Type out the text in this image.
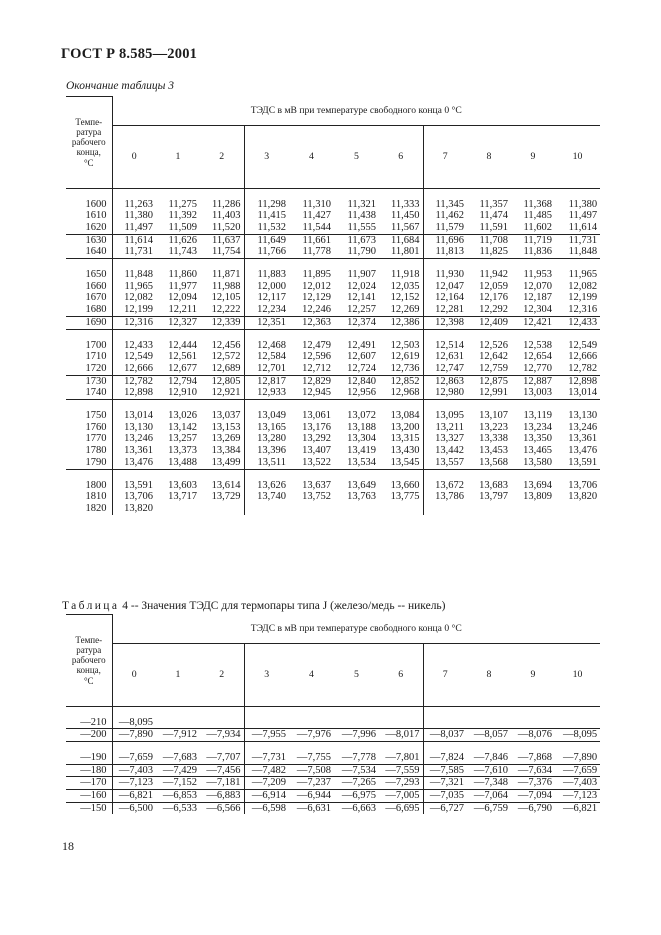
ГОСТ Р 8.585—2001
Окончание таблицы 3
Темпе-
ратура
рабочего
конца,
°С	ТЭДС в мВ при температуре свободного конца 0 °С											
	0	1	2	3	4	5	6	7	8	9	10	

1600	11,263	11,275	11,286	11,298	11,310	11,321	11,333	11,345	11,357	11,368	11,380	
1610	11,380	11,392	11,403	11,415	11,427	11,438	11,450	11,462	11,474	11,485	11,497	
1620	11,497	11,509	11,520	11,532	11,544	11,555	11,567	11,579	11,591	11,602	11,614	
1630	11,614	11,626	11,637	11,649	11,661	11,673	11,684	11,696	11,708	11,719	11,731	
1640	11,731	11,743	11,754	11,766	11,778	11,790	11,801	11,813	11,825	11,836	11,848	

1650	11,848	11,860	11,871	11,883	11,895	11,907	11,918	11,930	11,942	11,953	11,965	
1660	11,965	11,977	11,988	12,000	12,012	12,024	12,035	12,047	12,059	12,070	12,082	
1670	12,082	12,094	12,105	12,117	12,129	12,141	12,152	12,164	12,176	12,187	12,199	
1680	12,199	12,211	12,222	12,234	12,246	12,257	12,269	12,281	12,292	12,304	12,316	
1690	12,316	12,327	12,339	12,351	12,363	12,374	12,386	12,398	12,409	12,421	12,433	

1700	12,433	12,444	12,456	12,468	12,479	12,491	12,503	12,514	12,526	12,538	12,549	
1710	12,549	12,561	12,572	12,584	12,596	12,607	12,619	12,631	12,642	12,654	12,666	
1720	12,666	12,677	12,689	12,701	12,712	12,724	12,736	12,747	12,759	12,770	12,782	
1730	12,782	12,794	12,805	12,817	12,829	12,840	12,852	12,863	12,875	12,887	12,898	
1740	12,898	12,910	12,921	12,933	12,945	12,956	12,968	12,980	12,991	13,003	13,014	

1750	13,014	13,026	13,037	13,049	13,061	13,072	13,084	13,095	13,107	13,119	13,130	
1760	13,130	13,142	13,153	13,165	13,176	13,188	13,200	13,211	13,223	13,234	13,246	
1770	13,246	13,257	13,269	13,280	13,292	13,304	13,315	13,327	13,338	13,350	13,361	
1780	13,361	13,373	13,384	13,396	13,407	13,419	13,430	13,442	13,453	13,465	13,476	
1790	13,476	13,488	13,499	13,511	13,522	13,534	13,545	13,557	13,568	13,580	13,591	

1800	13,591	13,603	13,614	13,626	13,637	13,649	13,660	13,672	13,683	13,694	13,706	
1810	13,706	13,717	13,729	13,740	13,752	13,763	13,775	13,786	13,797	13,809	13,820	
1820	13,820											
Таблица 4 -- Значения ТЭДС для термопары типа J (железо/медь -- никель)
Темпе-
ратура
рабочего
конца,
°С	ТЭДС в мВ при температуре свободного конца 0 °С											
	0	1	2	3	4	5	6	7	8	9	10	

—210	—8,095											
—200	—7,890	—7,912	—7,934	—7,955	—7,976	—7,996	—8,017	—8,037	—8,057	—8,076	—8,095	

—190	—7,659	—7,683	—7,707	—7,731	—7,755	—7,778	—7,801	—7,824	—7,846	—7,868	—7,890	
—180	—7,403	—7,429	—7,456	—7,482	—7,508	—7,534	—7,559	—7,585	—7,610	—7,634	—7,659	
—170	—7,123	—7,152	—7,181	—7,209	—7,237	—7,265	—7,293	—7,321	—7,348	—7,376	—7,403	
—160	—6,821	—6,853	—6,883	—6,914	—6,944	—6,975	—7,005	—7,035	—7,064	—7,094	—7,123	
—150	—6,500	—6,533	—6,566	—6,598	—6,631	—6,663	—6,695	—6,727	—6,759	—6,790	—6,821	
18
